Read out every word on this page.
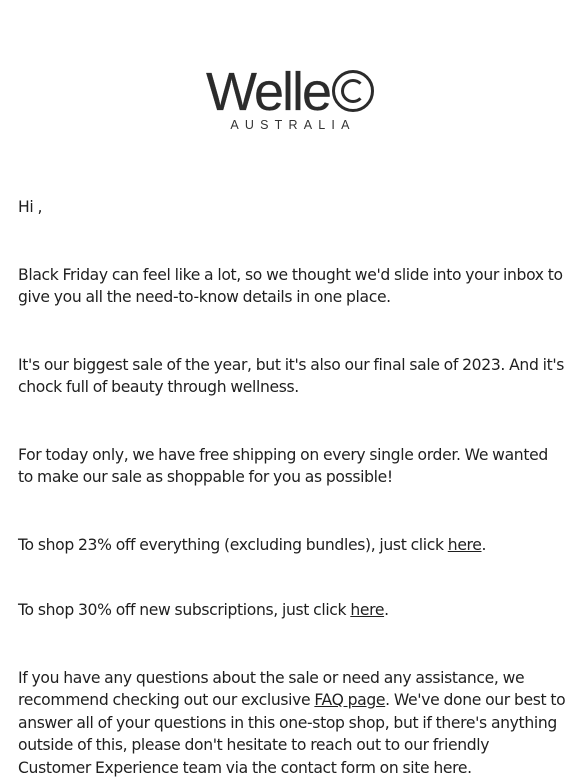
Welle
AUSTRALIA

Hi ,

Black Friday can feel like a lot, so we thought we'd slide into your inbox to give you all the need-to-know details in one place.

It's our biggest sale of the year, but it's also our final sale of 2023. And it's chock full of beauty through wellness.

For today only, we have free shipping on every single order. We wanted to make our sale as shoppable for you as possible!

To shop 23% off everything (excluding bundles), just click here.

To shop 30% off new subscriptions, just click here.

If you have any questions about the sale or need any assistance, we recommend checking out our exclusive FAQ page. We've done our best to answer all of your questions in this one-stop shop, but if there's anything outside of this, please don't hesitate to reach out to our friendly Customer Experience team via the contact form on site here.
